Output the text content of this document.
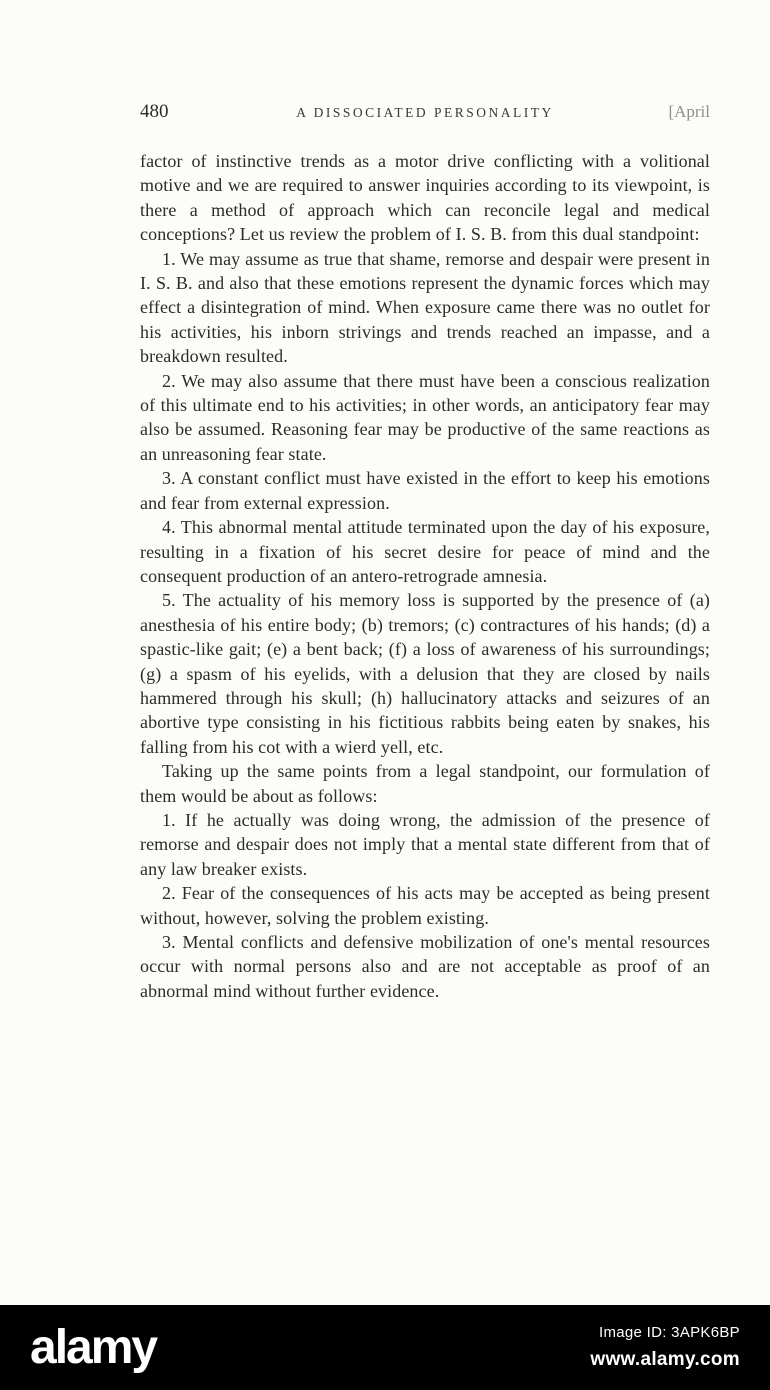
480	A DISSOCIATED PERSONALITY	[April

factor of instinctive trends as a motor drive conflicting with a volitional motive and we are required to answer inquiries according to its viewpoint, is there a method of approach which can reconcile legal and medical conceptions? Let us review the problem of I. S. B. from this dual standpoint:

1. We may assume as true that shame, remorse and despair were present in I. S. B. and also that these emotions represent the dynamic forces which may effect a disintegration of mind. When exposure came there was no outlet for his activities, his inborn strivings and trends reached an impasse, and a breakdown resulted.

2. We may also assume that there must have been a conscious realization of this ultimate end to his activities; in other words, an anticipatory fear may also be assumed. Reasoning fear may be productive of the same reactions as an unreasoning fear state.

3. A constant conflict must have existed in the effort to keep his emotions and fear from external expression.

4. This abnormal mental attitude terminated upon the day of his exposure, resulting in a fixation of his secret desire for peace of mind and the consequent production of an antero-retrograde amnesia.

5. The actuality of his memory loss is supported by the presence of (a) anesthesia of his entire body; (b) tremors; (c) contractures of his hands; (d) a spastic-like gait; (e) a bent back; (f) a loss of awareness of his surroundings; (g) a spasm of his eyelids, with a delusion that they are closed by nails hammered through his skull; (h) hallucinatory attacks and seizures of an abortive type consisting in his fictitious rabbits being eaten by snakes, his falling from his cot with a wierd yell, etc.

Taking up the same points from a legal standpoint, our formulation of them would be about as follows:

1. If he actually was doing wrong, the admission of the presence of remorse and despair does not imply that a mental state different from that of any law breaker exists.

2. Fear of the consequences of his acts may be accepted as being present without, however, solving the problem existing.

3. Mental conflicts and defensive mobilization of one's mental resources occur with normal persons also and are not acceptable as proof of an abnormal mind without further evidence.

alamy	Image ID: 3APK6BP
www.alamy.com
